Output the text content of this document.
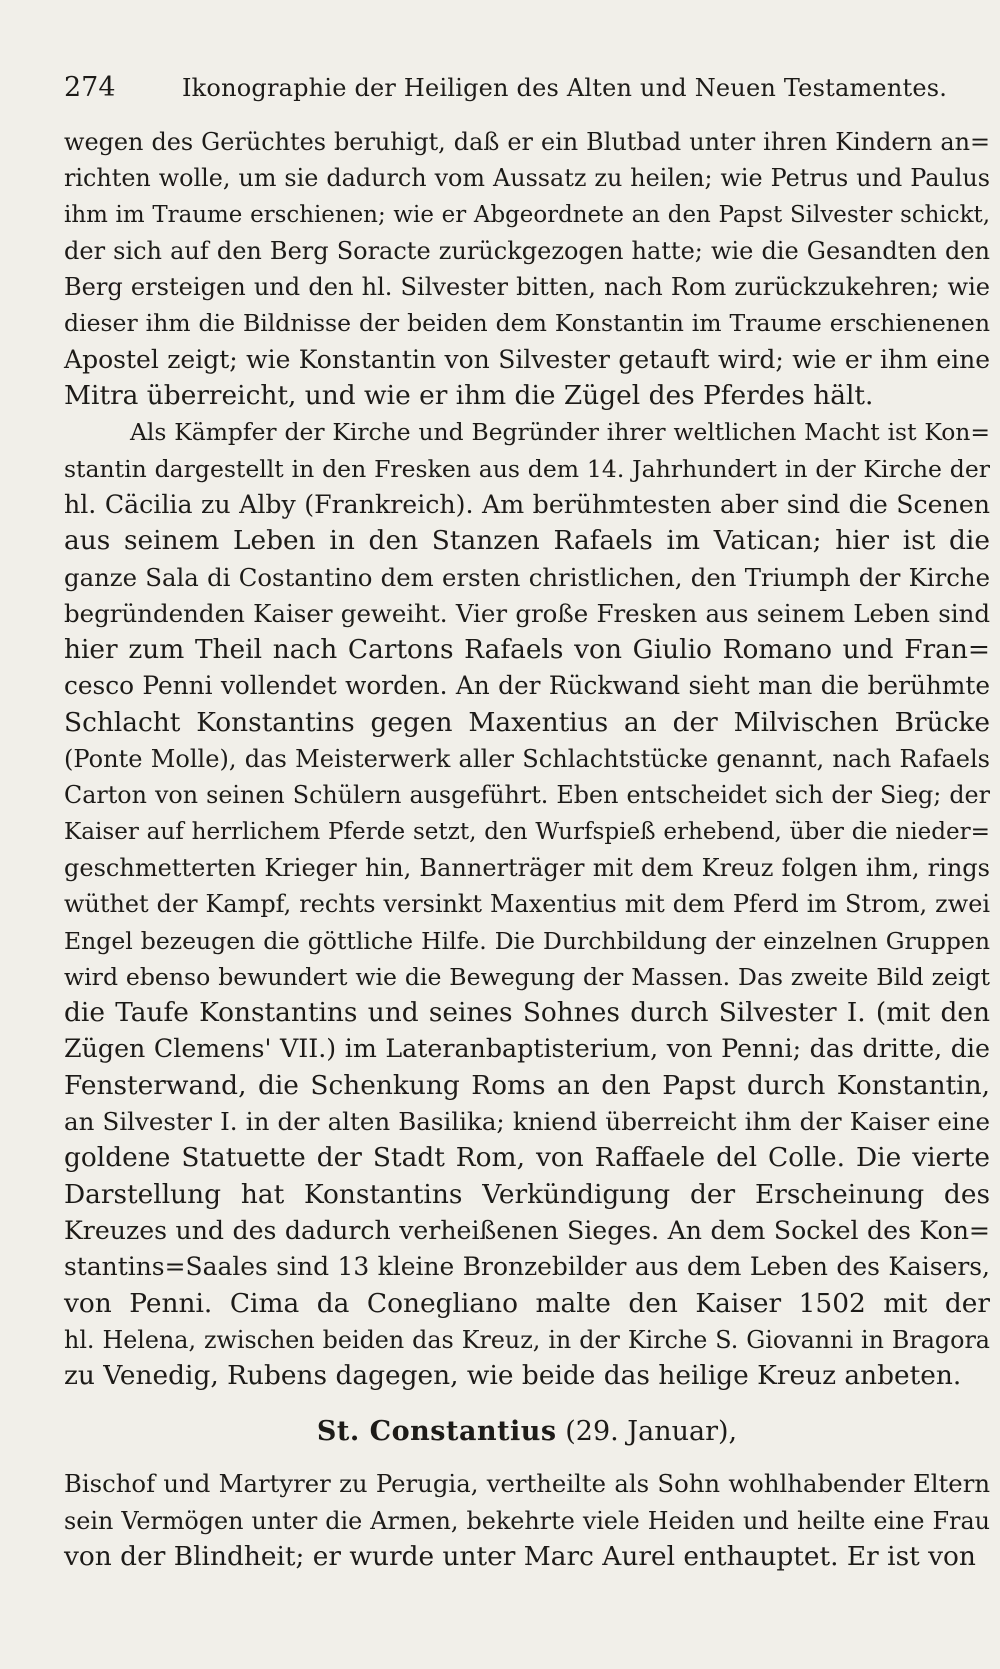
274	Ikonographie der Heiligen des Alten und Neuen Testamentes.
wegen des Gerüchtes beruhigt, daß er ein Blutbad unter ihren Kindern an=
richten wolle, um sie dadurch vom Aussatz zu heilen; wie Petrus und Paulus
ihm im Traume erschienen; wie er Abgeordnete an den Papst Silvester schickt,
der sich auf den Berg Soracte zurückgezogen hatte; wie die Gesandten den
Berg ersteigen und den hl. Silvester bitten, nach Rom zurückzukehren; wie
dieser ihm die Bildnisse der beiden dem Konstantin im Traume erschienenen
Apostel zeigt; wie Konstantin von Silvester getauft wird; wie er ihm eine
Mitra überreicht, und wie er ihm die Zügel des Pferdes hält.
Als Kämpfer der Kirche und Begründer ihrer weltlichen Macht ist Kon=
stantin dargestellt in den Fresken aus dem 14. Jahrhundert in der Kirche der
hl. Cäcilia zu Alby (Frankreich). Am berühmtesten aber sind die Scenen
aus seinem Leben in den Stanzen Rafaels im Vatican; hier ist die
ganze Sala di Costantino dem ersten christlichen, den Triumph der Kirche
begründenden Kaiser geweiht. Vier große Fresken aus seinem Leben sind
hier zum Theil nach Cartons Rafaels von Giulio Romano und Fran=
cesco Penni vollendet worden. An der Rückwand sieht man die berühmte
Schlacht Konstantins gegen Maxentius an der Milvischen Brücke
(Ponte Molle), das Meisterwerk aller Schlachtstücke genannt, nach Rafaels
Carton von seinen Schülern ausgeführt. Eben entscheidet sich der Sieg; der
Kaiser auf herrlichem Pferde setzt, den Wurfspieß erhebend, über die nieder=
geschmetterten Krieger hin, Bannerträger mit dem Kreuz folgen ihm, rings
wüthet der Kampf, rechts versinkt Maxentius mit dem Pferd im Strom, zwei
Engel bezeugen die göttliche Hilfe. Die Durchbildung der einzelnen Gruppen
wird ebenso bewundert wie die Bewegung der Massen. Das zweite Bild zeigt
die Taufe Konstantins und seines Sohnes durch Silvester I. (mit den
Zügen Clemens' VII.) im Lateranbaptisterium, von Penni; das dritte, die
Fensterwand, die Schenkung Roms an den Papst durch Konstantin,
an Silvester I. in der alten Basilika; kniend überreicht ihm der Kaiser eine
goldene Statuette der Stadt Rom, von Raffaele del Colle. Die vierte
Darstellung hat Konstantins Verkündigung der Erscheinung des
Kreuzes und des dadurch verheißenen Sieges. An dem Sockel des Kon=
stantins=Saales sind 13 kleine Bronzebilder aus dem Leben des Kaisers,
von Penni. Cima da Conegliano malte den Kaiser 1502 mit der
hl. Helena, zwischen beiden das Kreuz, in der Kirche S. Giovanni in Bragora
zu Venedig, Rubens dagegen, wie beide das heilige Kreuz anbeten.
St. Constantius (29. Januar),
Bischof und Martyrer zu Perugia, vertheilte als Sohn wohlhabender Eltern
sein Vermögen unter die Armen, bekehrte viele Heiden und heilte eine Frau
von der Blindheit; er wurde unter Marc Aurel enthauptet. Er ist von
